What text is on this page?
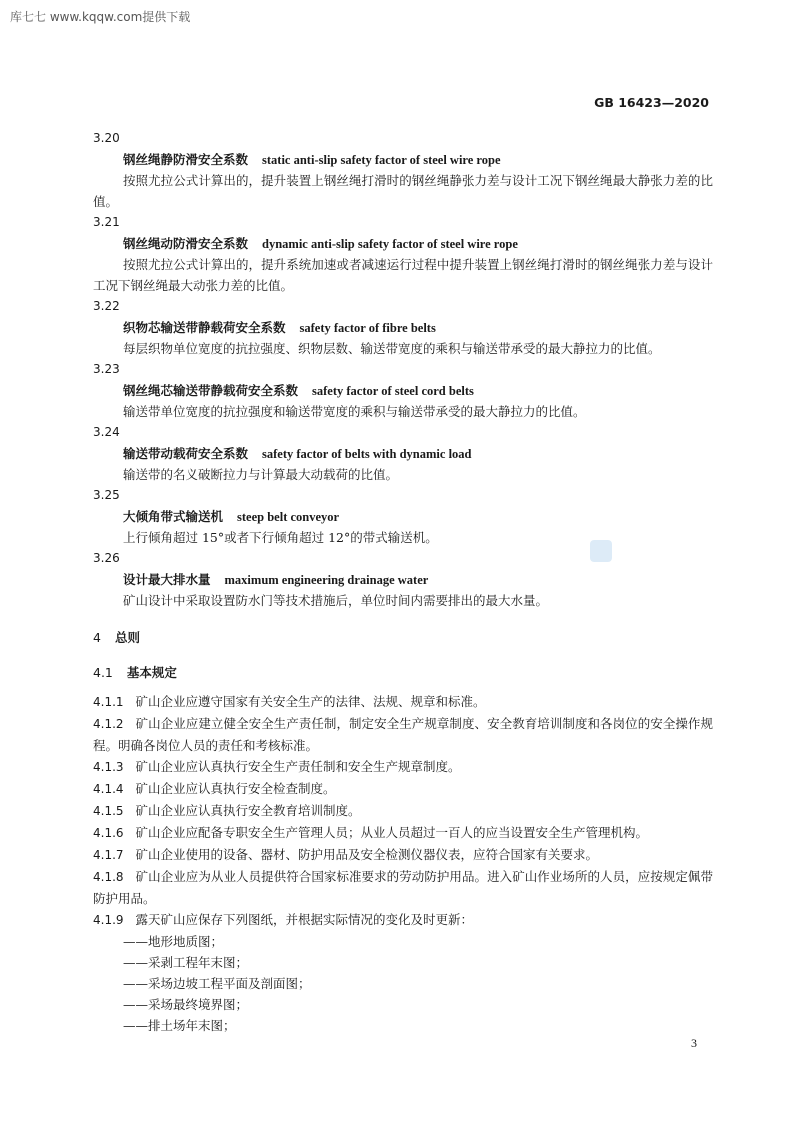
库七七 www.kqqw.com提供下载
GB 16423—2020
3.20
钢丝绳静防滑安全系数 static anti-slip safety factor of steel wire rope
按照尤拉公式计算出的，提升装置上钢丝绳打滑时的钢丝绳静张力差与设计工况下钢丝绳最大静张力差的比值。
3.21
钢丝绳动防滑安全系数 dynamic anti-slip safety factor of steel wire rope
按照尤拉公式计算出的，提升系统加速或者减速运行过程中提升装置上钢丝绳打滑时的钢丝绳张力差与设计工况下钢丝绳最大动张力差的比值。
3.22
织物芯输送带静载荷安全系数 safety factor of fibre belts
每层织物单位宽度的抗拉强度、织物层数、输送带宽度的乘积与输送带承受的最大静拉力的比值。
3.23
钢丝绳芯输送带静载荷安全系数 safety factor of steel cord belts
输送带单位宽度的抗拉强度和输送带宽度的乘积与输送带承受的最大静拉力的比值。
3.24
输送带动载荷安全系数 safety factor of belts with dynamic load
输送带的名义破断拉力与计算最大动载荷的比值。
3.25
大倾角带式输送机 steep belt conveyor
上行倾角超过 15°或者下行倾角超过 12°的带式输送机。
3.26
设计最大排水量 maximum engineering drainage water
矿山设计中采取设置防水门等技术措施后，单位时间内需要排出的最大水量。
4 总则
4.1 基本规定
4.1.1 矿山企业应遵守国家有关安全生产的法律、法规、规章和标准。
4.1.2 矿山企业应建立健全安全生产责任制，制定安全生产规章制度、安全教育培训制度和各岗位的安全操作规程。明确各岗位人员的责任和考核标准。
4.1.3 矿山企业应认真执行安全生产责任制和安全生产规章制度。
4.1.4 矿山企业应认真执行安全检查制度。
4.1.5 矿山企业应认真执行安全教育培训制度。
4.1.6 矿山企业应配备专职安全生产管理人员；从业人员超过一百人的应当设置安全生产管理机构。
4.1.7 矿山企业使用的设备、器材、防护用品及安全检测仪器仪表，应符合国家有关要求。
4.1.8 矿山企业应为从业人员提供符合国家标准要求的劳动防护用品。进入矿山作业场所的人员，应按规定佩带防护用品。
4.1.9 露天矿山应保存下列图纸，并根据实际情况的变化及时更新：
——地形地质图；
——采剥工程年末图；
——采场边坡工程平面及剖面图；
——采场最终境界图；
——排土场年末图；
3
